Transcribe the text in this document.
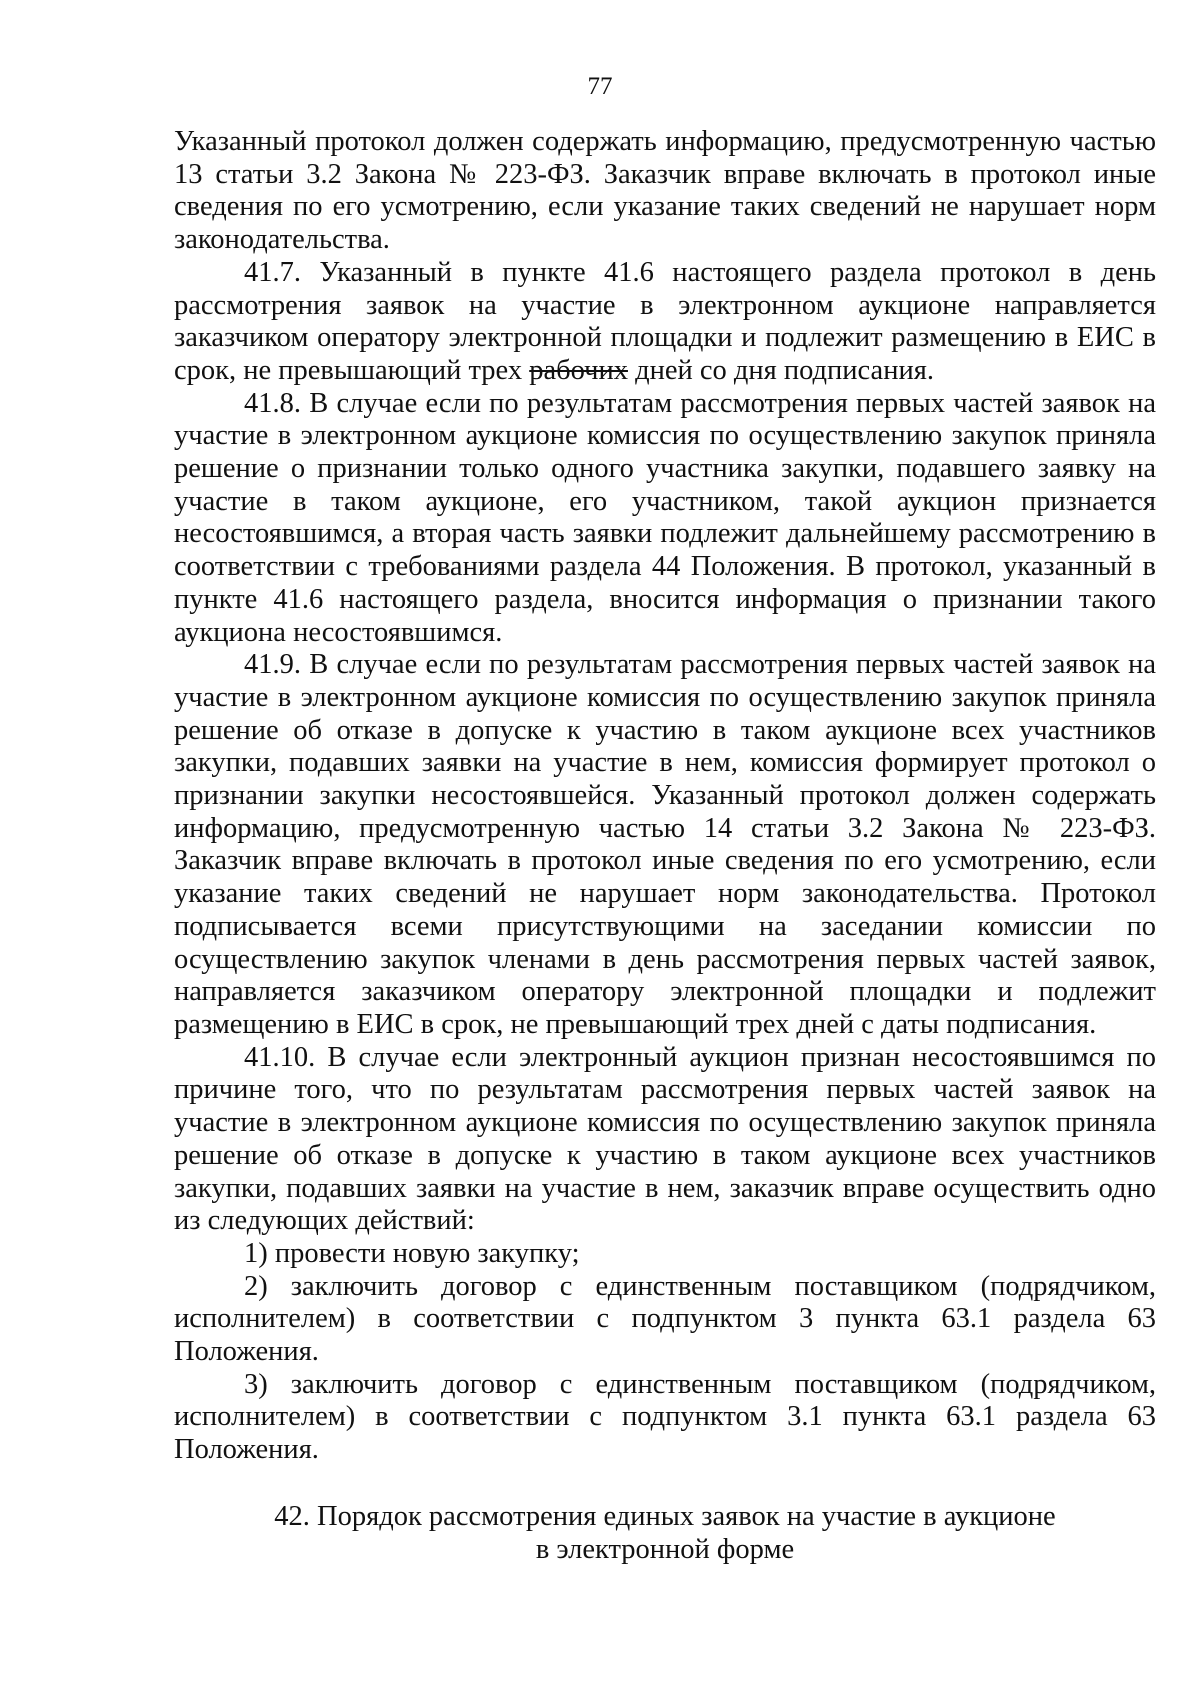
77

Указанный протокол должен содержать информацию, предусмотренную частью 13 статьи 3.2 Закона № 223-ФЗ. Заказчик вправе включать в протокол иные сведения по его усмотрению, если указание таких сведений не нарушает норм законодательства.

41.7. Указанный в пункте 41.6 настоящего раздела протокол в день рассмотрения заявок на участие в электронном аукционе направляется заказчиком оператору электронной площадки и подлежит размещению в ЕИС в срок, не превышающий трех рабочих дней со дня подписания.

41.8. В случае если по результатам рассмотрения первых частей заявок на участие в электронном аукционе комиссия по осуществлению закупок приняла решение о признании только одного участника закупки, подавшего заявку на участие в таком аукционе, его участником, такой аукцион признается несостоявшимся, а вторая часть заявки подлежит дальнейшему рассмотрению в соответствии с требованиями раздела 44 Положения. В протокол, указанный в пункте 41.6 настоящего раздела, вносится информация о признании такого аукциона несостоявшимся.

41.9. В случае если по результатам рассмотрения первых частей заявок на участие в электронном аукционе комиссия по осуществлению закупок приняла решение об отказе в допуске к участию в таком аукционе всех участников закупки, подавших заявки на участие в нем, комиссия формирует протокол о признании закупки несостоявшейся. Указанный протокол должен содержать информацию, предусмотренную частью 14 статьи 3.2 Закона № 223-ФЗ. Заказчик вправе включать в протокол иные сведения по его усмотрению, если указание таких сведений не нарушает норм законодательства. Протокол подписывается всеми присутствующими на заседании комиссии по осуществлению закупок членами в день рассмотрения первых частей заявок, направляется заказчиком оператору электронной площадки и подлежит размещению в ЕИС в срок, не превышающий трех дней с даты подписания.

41.10. В случае если электронный аукцион признан несостоявшимся по причине того, что по результатам рассмотрения первых частей заявок на участие в электронном аукционе комиссия по осуществлению закупок приняла решение об отказе в допуске к участию в таком аукционе всех участников закупки, подавших заявки на участие в нем, заказчик вправе осуществить одно из следующих действий:

1) провести новую закупку;

2) заключить договор с единственным поставщиком (подрядчиком, исполнителем) в соответствии с подпунктом 3 пункта 63.1 раздела 63 Положения.

3) заключить договор с единственным поставщиком (подрядчиком, исполнителем) в соответствии с подпунктом 3.1 пункта 63.1 раздела 63 Положения.

42. Порядок рассмотрения единых заявок на участие в аукционе
в электронной форме
